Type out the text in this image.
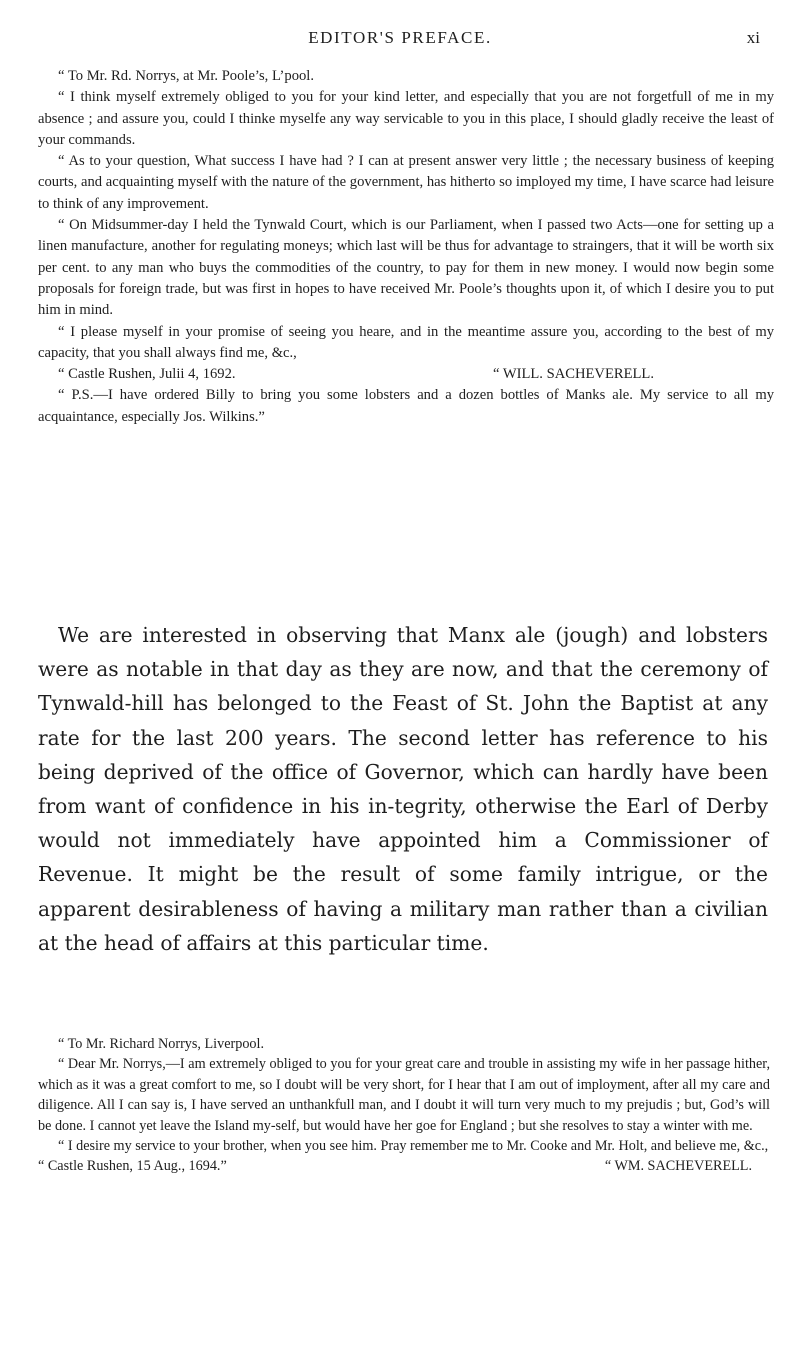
EDITOR'S PREFACE.	xi

“ To Mr. Rd. Norrys, at Mr. Poole’s, L’pool.

“ I think myself extremely obliged to you for your kind letter, and especially that you are not forgetfull of me in my absence ; and assure you, could I thinke myselfe any way servicable to you in this place, I should gladly receive the least of your commands.

“ As to your question, What success I have had ? I can at present answer very little ; the necessary business of keeping courts, and acquainting myself with the nature of the government, has hitherto so imployed my time, I have scarce had leisure to think of any improvement.

“ On Midsummer-day I held the Tynwald Court, which is our Parliament, when I passed two Acts—one for setting up a linen manufacture, another for regulating moneys; which last will be thus for advantage to straingers, that it will be worth six per cent. to any man who buys the commodities of the country, to pay for them in new money. I would now begin some proposals for foreign trade, but was first in hopes to have received Mr. Poole’s thoughts upon it, of which I desire you to put him in mind.

“ I please myself in your promise of seeing you heare, and in the meantime assure you, according to the best of my capacity, that you shall always find me, &c.,

“ Castle Rushen, Julii 4, 1692.	“ WILL. SACHEVERELL.

“ P.S.—I have ordered Billy to bring you some lobsters and a dozen bottles of Manks ale. My service to all my acquaintance, especially Jos. Wilkins.”

We are interested in observing that Manx ale (jough) and lobsters were as notable in that day as they are now, and that the ceremony of Tynwald-hill has belonged to the Feast of St. John the Baptist at any rate for the last 200 years. The second letter has reference to his being deprived of the office of Governor, which can hardly have been from want of confidence in his in-tegrity, otherwise the Earl of Derby would not immediately have appointed him a Commissioner of Revenue. It might be the result of some family intrigue, or the apparent desirableness of having a military man rather than a civilian at the head of affairs at this particular time.

“ To Mr. Richard Norrys, Liverpool.

“ Dear Mr. Norrys,—I am extremely obliged to you for your great care and trouble in assisting my wife in her passage hither, which as it was a great comfort to me, so I doubt will be very short, for I hear that I am out of imployment, after all my care and diligence. All I can say is, I have served an unthankfull man, and I doubt it will turn very much to my prejudis ; but, God’s will be done. I cannot yet leave the Island my-self, but would have her goe for England ; but she resolves to stay a winter with me.

“ I desire my service to your brother, when you see him. Pray remember me to Mr. Cooke and Mr. Holt, and believe me, &c.,

“ Castle Rushen, 15 Aug., 1694.”	“ WM. SACHEVERELL.
